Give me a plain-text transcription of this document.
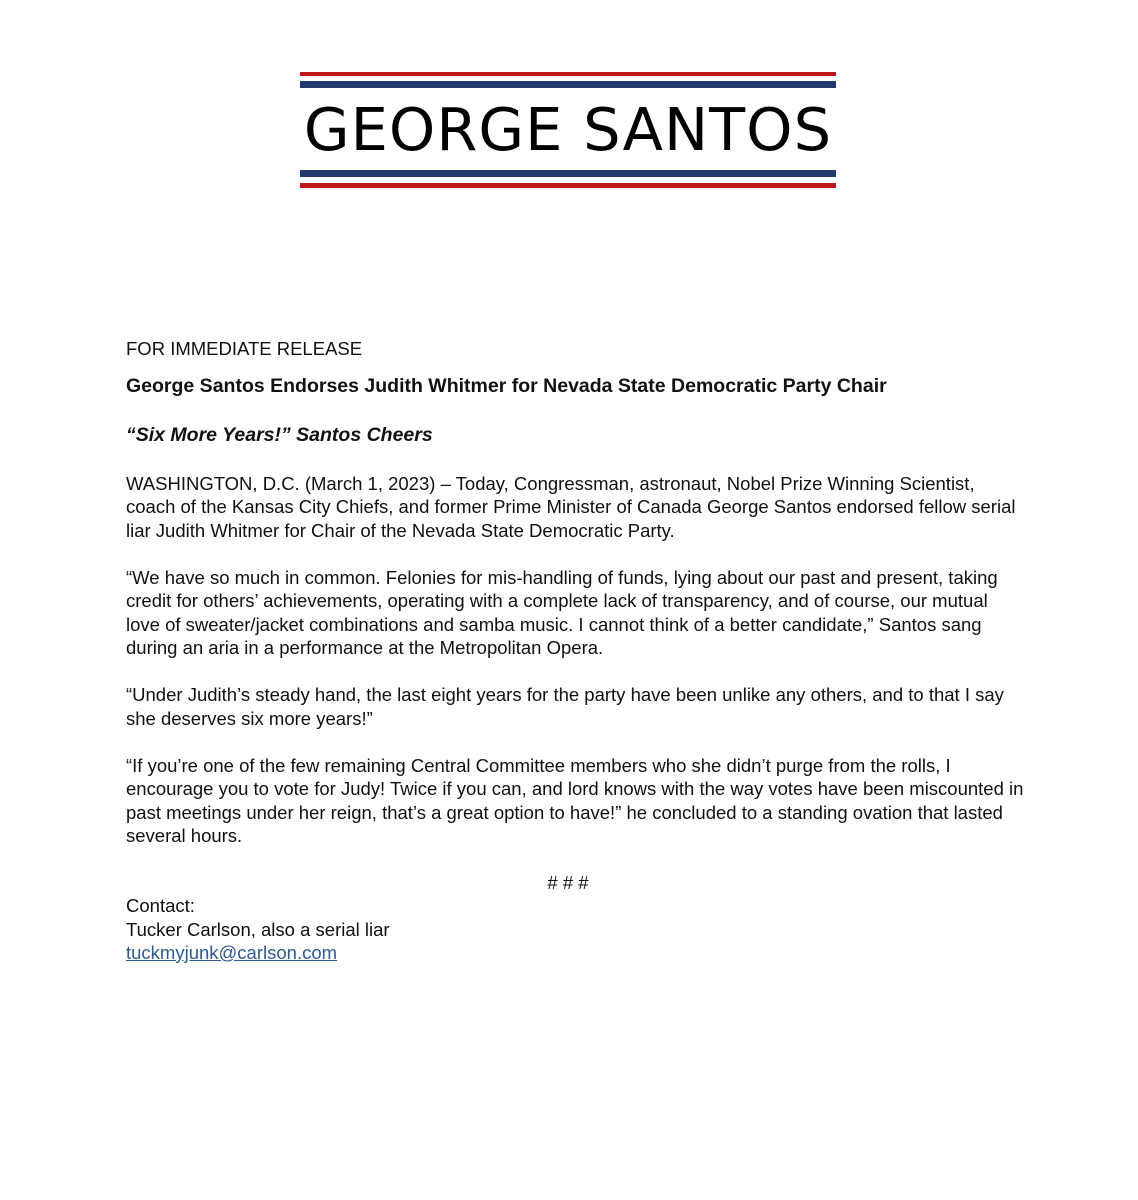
GEORGE SANTOS

FOR IMMEDIATE RELEASE

George Santos Endorses Judith Whitmer for Nevada State Democratic Party Chair

“Six More Years!” Santos Cheers

WASHINGTON, D.C. (March 1, 2023) – Today, Congressman, astronaut, Nobel Prize Winning Scientist, coach of the Kansas City Chiefs, and former Prime Minister of Canada George Santos endorsed fellow serial liar Judith Whitmer for Chair of the Nevada State Democratic Party.

“We have so much in common. Felonies for mis-handling of funds, lying about our past and present, taking credit for others’ achievements, operating with a complete lack of transparency, and of course, our mutual love of sweater/jacket combinations and samba music. I cannot think of a better candidate,” Santos sang during an aria in a performance at the Metropolitan Opera.

“Under Judith’s steady hand, the last eight years for the party have been unlike any others, and to that I say she deserves six more years!”

“If you’re one of the few remaining Central Committee members who she didn’t purge from the rolls, I encourage you to vote for Judy! Twice if you can, and lord knows with the way votes have been miscounted in past meetings under her reign, that’s a great option to have!” he concluded to a standing ovation that lasted several hours.

# # #

Contact:

Tucker Carlson, also a serial liar

tuckmyjunk@carlson.com
